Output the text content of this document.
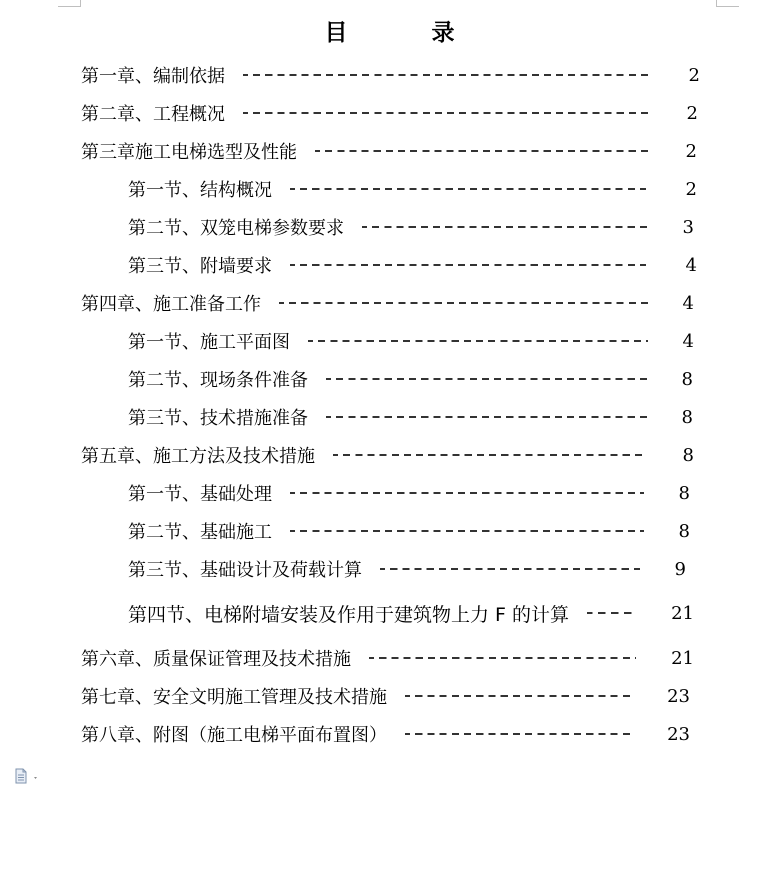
目 录
第一章、编制依据	2
第二章、工程概况	2
第三章施工电梯选型及性能	2
第一节、结构概况	2
第二节、双笼电梯参数要求	3
第三节、附墙要求	4
第四章、施工准备工作	4
第一节、施工平面图	4
第二节、现场条件准备	8
第三节、技术措施准备	8
第五章、施工方法及技术措施	8
第一节、基础处理	8
第二节、基础施工	8
第三节、基础设计及荷载计算	9
第四节、电梯附墙安装及作用于建筑物上力 F 的计算	21
第六章、质量保证管理及技术措施	21
第七章、安全文明施工管理及技术措施	23
第八章、附图（施工电梯平面布置图）	23
